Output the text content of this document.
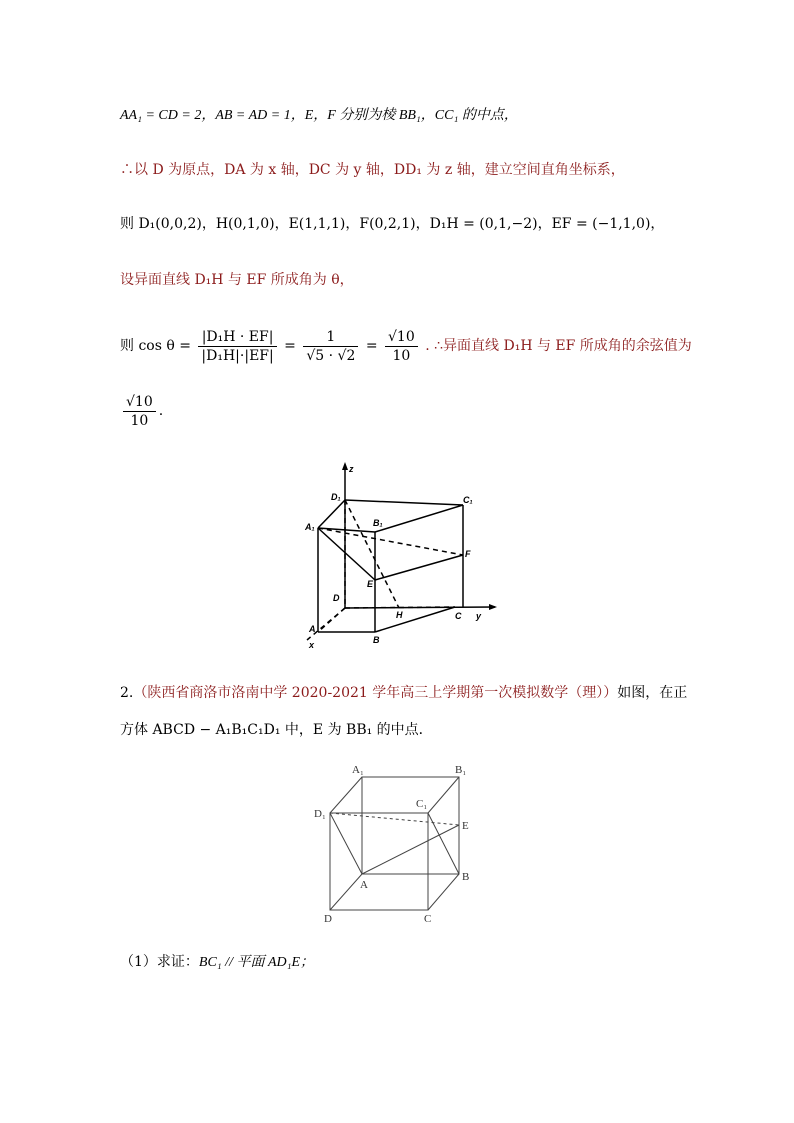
AA₁ = CD = 2，AB = AD = 1，E，F 分别为棱 BB₁，CC₁ 的中点，
∴以 D 为原点，DA 为 x 轴，DC 为 y 轴，DD₁ 为 z 轴，建立空间直角坐标系，
则 D₁(0,0,2)，H(0,1,0)，E(1,1,1)，F(0,2,1)，D₁H = (0,1,−2)，EF = (−1,1,0)，
设异面直线 D₁H 与 EF 所成角为 θ，
则 $\cos \theta = \frac{\text{|D₁H · EF|}}{\text{|D₁H|·|EF|}} = \frac{1}{√5 \cdot √2} = \frac{√10}{10}$ . ∴异面直线 D₁H 与 EF 所成角的余弦值为
$\frac{√10}{10}$ .
z
D₁	C₁
A₁	B₁
F
E
D
H	C y
A
B
x
2.（陕西省商洛市洛南中学 2020-2021 学年高三上学期第一次模拟数学（理））如图，在正
方体 ABCD − A₁B₁C₁D₁ 中，E 为 BB₁ 的中点．
A₁	B₁
C₁
D₁
E
A
B
D	C
（1）求证：BC₁ // 平面 AD₁E；
